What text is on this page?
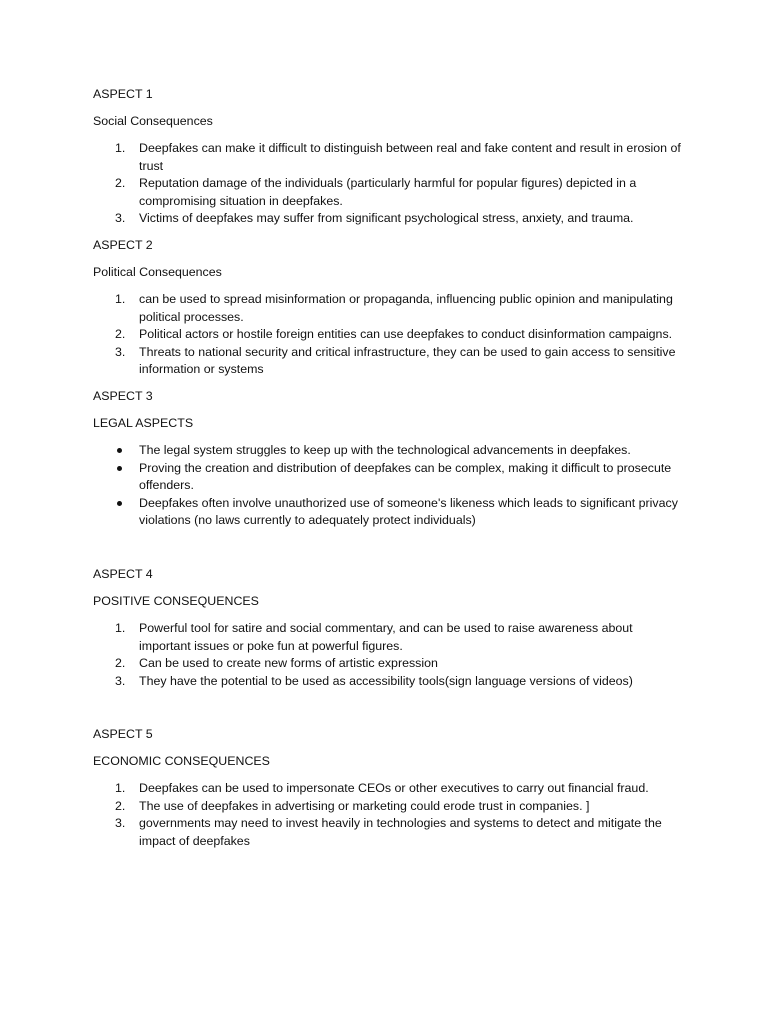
ASPECT 1
Social Consequences
1.	Deepfakes can make it difficult to distinguish between real and fake content and result in erosion of trust
2.	Reputation damage of the individuals (particularly harmful for popular figures) depicted in a compromising situation in deepfakes.
3.	Victims of deepfakes may suffer from significant psychological stress, anxiety, and trauma.
ASPECT 2
Political Consequences
1.	can be used to spread misinformation or propaganda, influencing public opinion and manipulating political processes.
2.	Political actors or hostile foreign entities can use deepfakes to conduct disinformation campaigns.
3.	Threats to national security and critical infrastructure, they can be used to gain access to sensitive information or systems
ASPECT 3
LEGAL ASPECTS
The legal system struggles to keep up with the technological advancements in deepfakes.
Proving the creation and distribution of deepfakes can be complex, making it difficult to prosecute offenders.
Deepfakes often involve unauthorized use of someone's likeness which leads to significant privacy violations (no laws currently to adequately protect individuals)
ASPECT 4
POSITIVE CONSEQUENCES
1.	Powerful tool for satire and social commentary, and can be used to raise awareness about important issues or poke fun at powerful figures.
2.	Can be used to create new forms of artistic expression
3.	They have the potential to be used as accessibility tools(sign language versions of videos)
ASPECT 5
ECONOMIC CONSEQUENCES
1.	Deepfakes can be used to impersonate CEOs or other executives to carry out financial fraud.
2.	The use of deepfakes in advertising or marketing could erode trust in companies. ]
3.	governments may need to invest heavily in technologies and systems to detect and mitigate the impact of deepfakes
